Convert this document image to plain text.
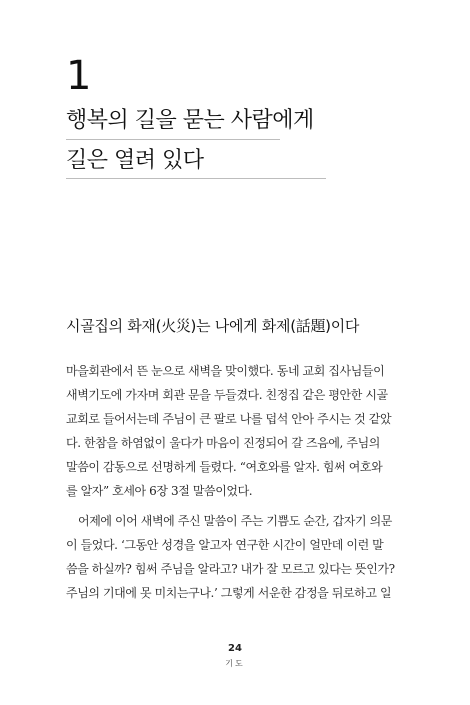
1
행복의 길을 묻는 사람에게
길은 열려 있다
시골집의 화재(火災)는 나에게 화제(話題)이다
마을회관에서 뜬 눈으로 새벽을 맞이했다. 동네 교회 집사님들이
새벽기도에 가자며 회관 문을 두들겼다. 친정집 같은 평안한 시골
교회로 들어서는데 주님이 큰 팔로 나를 덥석 안아 주시는 것 같았
다. 한참을 하염없이 울다가 마음이 진정되어 갈 즈음에, 주님의
말씀이 감동으로 선명하게 들렸다. “여호와를 알자. 힘써 여호와
를 알자” 호세아 6장 3절 말씀이었다.
어제에 이어 새벽에 주신 말씀이 주는 기쁨도 순간, 갑자기 의문
이 들었다. ‘그동안 성경을 알고자 연구한 시간이 얼만데 이런 말
씀을 하실까? 힘써 주님을 알라고? 내가 잘 모르고 있다는 뜻인가?
주님의 기대에 못 미치는구나.’ 그렇게 서운한 감정을 뒤로하고 일
24
기도
